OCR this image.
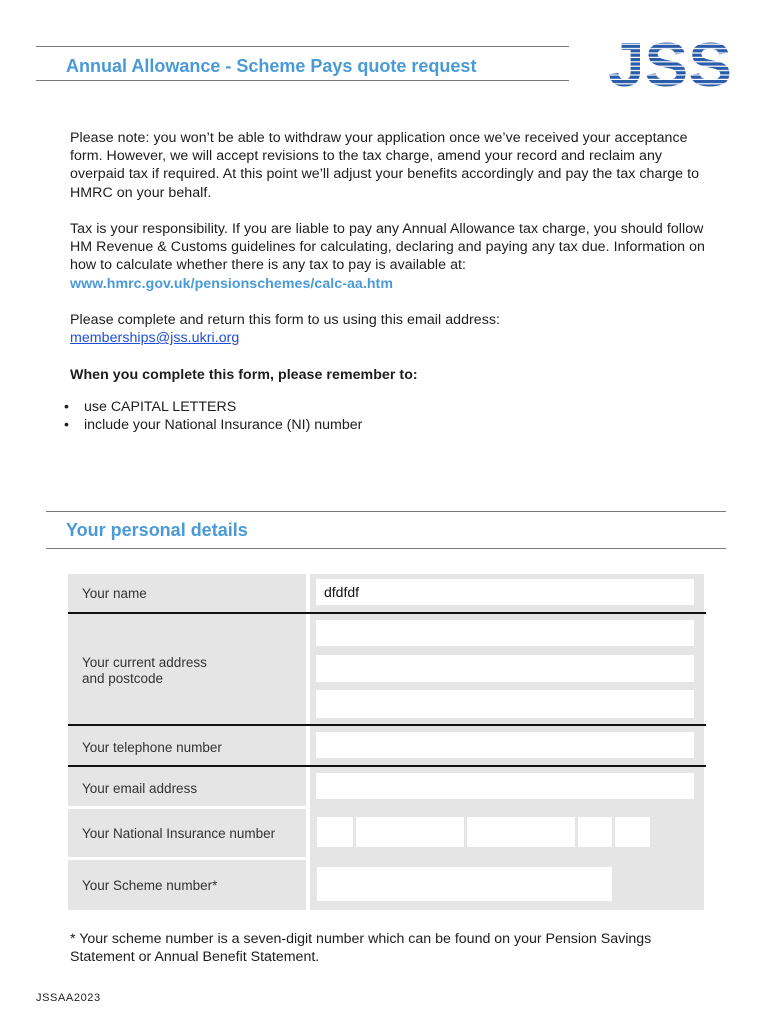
Annual Allowance - Scheme Pays quote request JSS
Please note: you won’t be able to withdraw your application once we’ve received your acceptance form. However, we will accept revisions to the tax charge, amend your record and reclaim any overpaid tax if required. At this point we’ll adjust your benefits accordingly and pay the tax charge to HMRC on your behalf.
Tax is your responsibility. If you are liable to pay any Annual Allowance tax charge, you should follow HM Revenue & Customs guidelines for calculating, declaring and paying any tax due. Information on how to calculate whether there is any tax to pay is available at: www.hmrc.gov.uk/pensionschemes/calc-aa.htm
Please complete and return this form to us using this email address:
memberships@jss.ukri.org
When you complete this form, please remember to:
• use CAPITAL LETTERS
• include your National Insurance (NI) number
Your personal details
Your name
dfdfdf
Your current address
and postcode
Your telephone number
Your email address
Your National Insurance number
Your Scheme number*
* Your scheme number is a seven-digit number which can be found on your Pension Savings Statement or Annual Benefit Statement.
JSSAA2023
